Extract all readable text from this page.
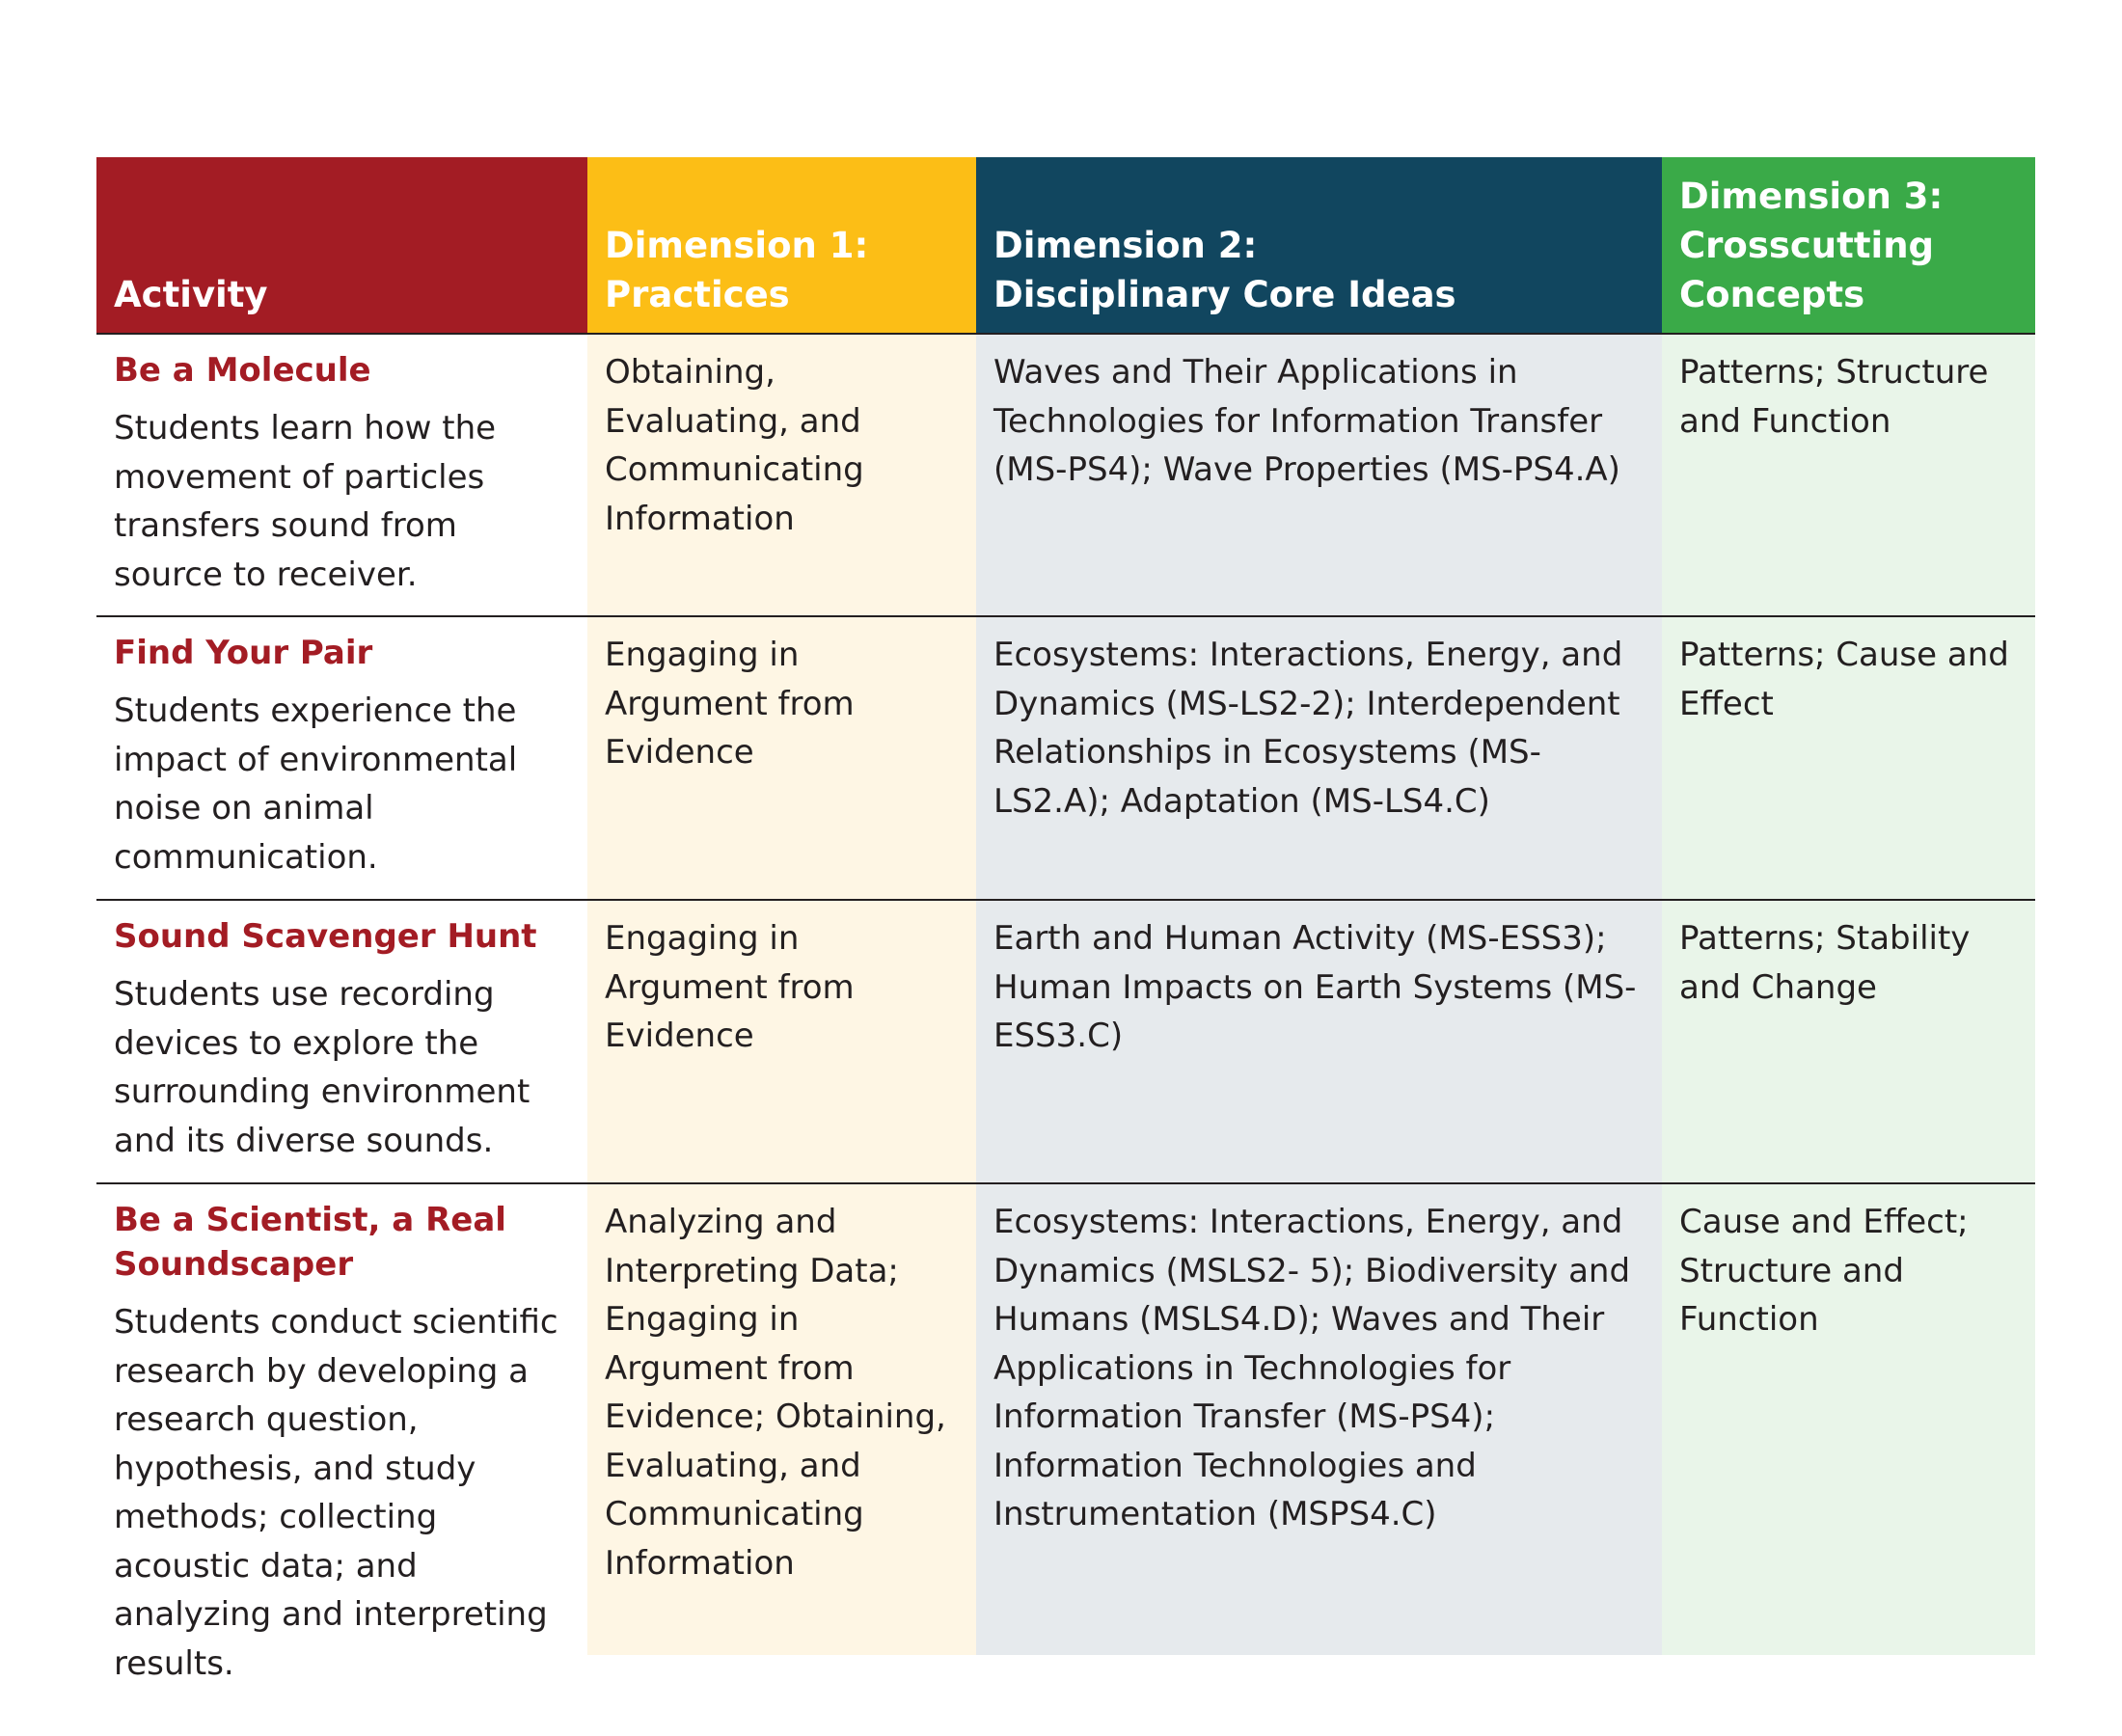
Activity
Dimension 1:
Practices
Dimension 2:
Disciplinary Core Ideas
Dimension 3:
Crosscutting
Concepts
Be a Molecule
Students learn how the movement of particles transfers sound from source to receiver.
Obtaining, Evaluating, and Communicating Information
Waves and Their Applications in Technologies for Information Transfer (MS-PS4); Wave Properties (MS-PS4.A)
Patterns; Structure and Function
Find Your Pair
Students experience the impact of environmental noise on animal communication.
Engaging in Argument from Evidence
Ecosystems: Interactions, Energy, and Dynamics (MS-LS2-2); Interdependent Relationships in Ecosystems (MS-LS2.A); Adaptation (MS-LS4.C)
Patterns; Cause and Effect
Sound Scavenger Hunt
Students use recording devices to explore the surrounding environment and its diverse sounds.
Engaging in Argument from Evidence
Earth and Human Activity (MS-ESS3); Human Impacts on Earth Systems (MS-ESS3.C)
Patterns; Stability and Change
Be a Scientist, a Real Soundscaper
Students conduct scientific research by developing a research question, hypothesis, and study methods; collecting acoustic data; and analyzing and interpreting results.
Analyzing and Interpreting Data; Engaging in Argument from Evidence; Obtaining, Evaluating, and Communicating Information
Ecosystems: Interactions, Energy, and Dynamics (MSLS2- 5); Biodiversity and Humans (MSLS4.D); Waves and Their Applications in Technologies for Information Transfer (MS-PS4); Information Technologies and Instrumentation (MSPS4.C)
Cause and Effect; Structure and Function
